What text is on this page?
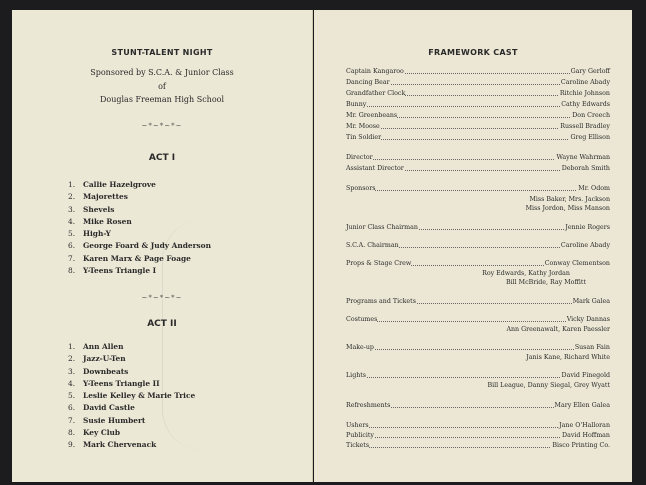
STUNT-TALENT NIGHT
Sponsored by S.C.A. & Junior Class
of
Douglas Freeman High School
~*~*~*~
ACT I
1.	Callie Hazelgrove
2.	Majorettes
3.	Shevels
4.	Mike Rosen
5.	High-Y
6.	George Foard & Judy Anderson
7.	Karen Marx & Page Foage
8.	Y-Teens Triangle I
~*~*~*~
ACT II
1.	Ann Allen
2.	Jazz-U-Ten
3.	Downbeats
4.	Y-Teens Triangle II
5.	Leslie Kelley & Marie Trice
6.	David Castle
7.	Susie Humbert
8.	Key Club
9.	Mark Chervenack
FRAMEWORK CAST
Captain Kangaroo	Gary Gerloff
Dancing Bear	Caroline Abady
Grandfather Clock	Ritchie Johnson
Bunny	Cathy Edwards
Mr. Greenbeans	Don Creech
Mr. Moose	Russell Bradley
Tin Soldier	Greg Ellison
Director	Wayne Wahrman
Assistant Director	Deborah Smith
Sponsors	Mr. Odom
Miss Baker, Mrs. Jackson
Miss Jordon, Miss Manson
Junior Class Chairman	Jennie Rogers
S.C.A. Chairman	Caroline Abady
Props & Stage Crew	Conway Clementson
Roy Edwards, Kathy Jordan
Bill McBride, Ray Moffitt
Programs and Tickets	Mark Galea
Costumes	Vicky Dannas
Ann Greenawalt, Karen Paessler
Make-up	Susan Fain
Janis Kane, Richard White
Lights	David Finegold
Bill League, Danny Siegal, Grey Wyatt
Refreshments	Mary Ellen Galea
Ushers	Jane O'Halloran
Publicity	David Hoffman
Tickets	Bisco Printing Co.
